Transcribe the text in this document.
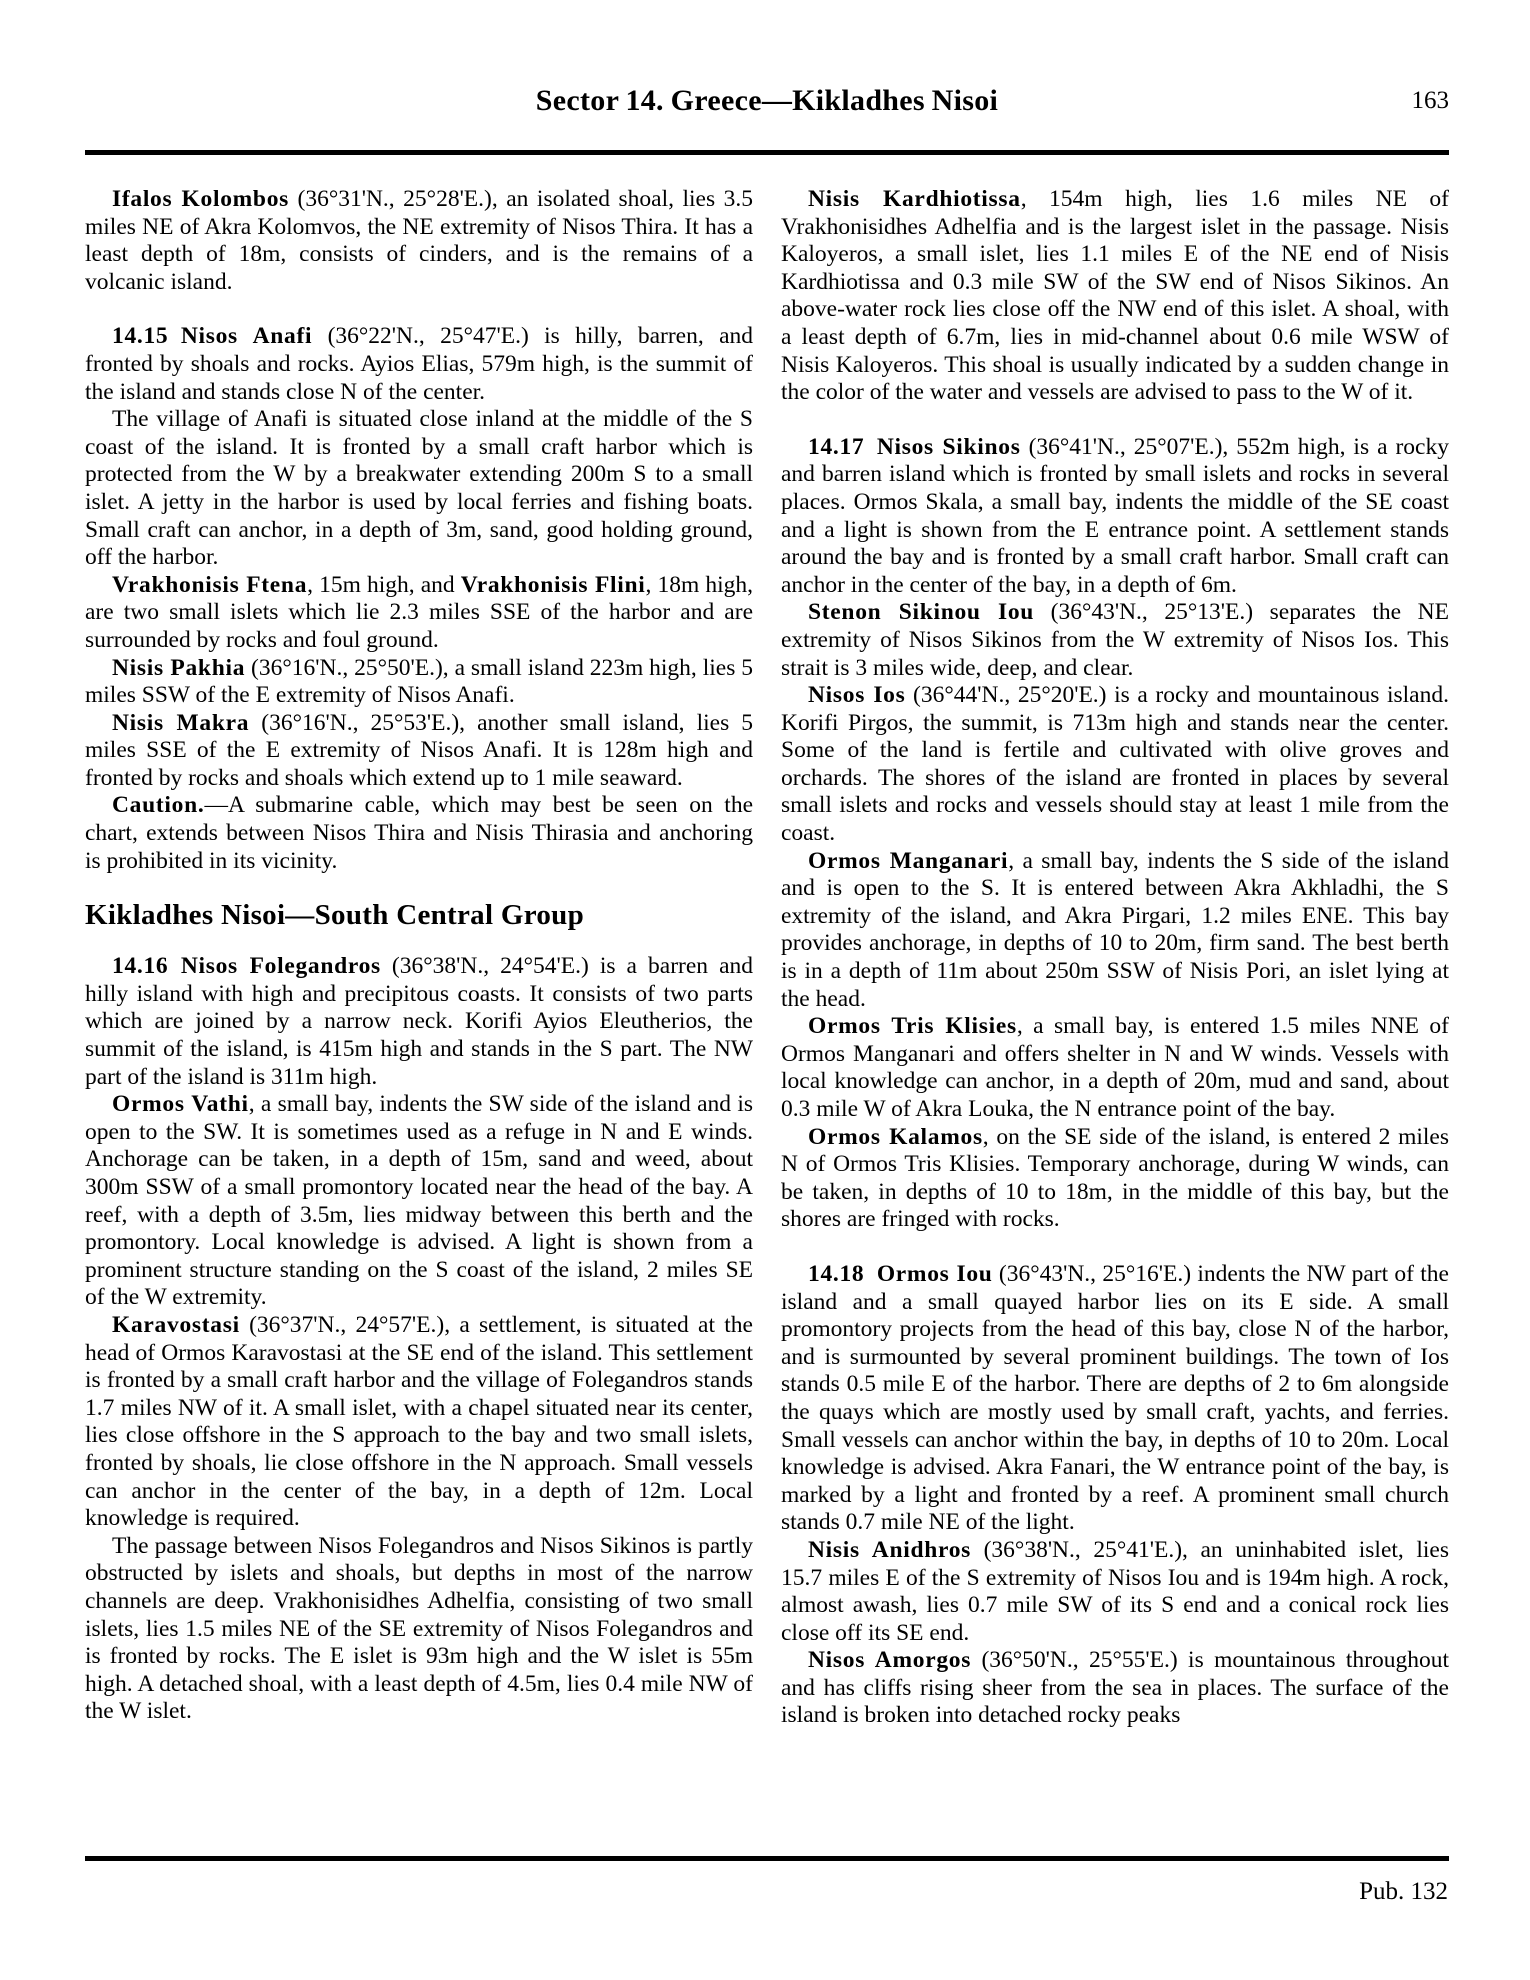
Sector 14. Greece—Kikladhes Nisoi	163

Ifalos Kolombos (36°31'N., 25°28'E.), an isolated shoal, lies 3.5 miles NE of Akra Kolomvos, the NE extremity of Nisos Thira. It has a least depth of 18m, consists of cinders, and is the remains of a volcanic island.

14.15 Nisos Anafi (36°22'N., 25°47'E.) is hilly, barren, and fronted by shoals and rocks. Ayios Elias, 579m high, is the summit of the island and stands close N of the center.

The village of Anafi is situated close inland at the middle of the S coast of the island. It is fronted by a small craft harbor which is protected from the W by a breakwater extending 200m S to a small islet. A jetty in the harbor is used by local ferries and fishing boats. Small craft can anchor, in a depth of 3m, sand, good holding ground, off the harbor.

Vrakhonisis Ftena, 15m high, and Vrakhonisis Flini, 18m high, are two small islets which lie 2.3 miles SSE of the harbor and are surrounded by rocks and foul ground.

Nisis Pakhia (36°16'N., 25°50'E.), a small island 223m high, lies 5 miles SSW of the E extremity of Nisos Anafi.

Nisis Makra (36°16'N., 25°53'E.), another small island, lies 5 miles SSE of the E extremity of Nisos Anafi. It is 128m high and fronted by rocks and shoals which extend up to 1 mile seaward.

Caution.—A submarine cable, which may best be seen on the chart, extends between Nisos Thira and Nisis Thirasia and anchoring is prohibited in its vicinity.

Kikladhes Nisoi—South Central Group

14.16 Nisos Folegandros (36°38'N., 24°54'E.) is a barren and hilly island with high and precipitous coasts. It consists of two parts which are joined by a narrow neck. Korifi Ayios Eleutherios, the summit of the island, is 415m high and stands in the S part. The NW part of the island is 311m high.

Ormos Vathi, a small bay, indents the SW side of the island and is open to the SW. It is sometimes used as a refuge in N and E winds. Anchorage can be taken, in a depth of 15m, sand and weed, about 300m SSW of a small promontory located near the head of the bay. A reef, with a depth of 3.5m, lies midway between this berth and the promontory. Local knowledge is advised. A light is shown from a prominent structure standing on the S coast of the island, 2 miles SE of the W extremity.

Karavostasi (36°37'N., 24°57'E.), a settlement, is situated at the head of Ormos Karavostasi at the SE end of the island. This settlement is fronted by a small craft harbor and the village of Folegandros stands 1.7 miles NW of it. A small islet, with a chapel situated near its center, lies close offshore in the S approach to the bay and two small islets, fronted by shoals, lie close offshore in the N approach. Small vessels can anchor in the center of the bay, in a depth of 12m. Local knowledge is required.

The passage between Nisos Folegandros and Nisos Sikinos is partly obstructed by islets and shoals, but depths in most of the narrow channels are deep. Vrakhonisidhes Adhelfia, consisting of two small islets, lies 1.5 miles NE of the SE extremity of Nisos Folegandros and is fronted by rocks. The E islet is 93m high and the W islet is 55m high. A detached shoal, with a least depth of 4.5m, lies 0.4 mile NW of the W islet.

Nisis Kardhiotissa, 154m high, lies 1.6 miles NE of Vrakhonisidhes Adhelfia and is the largest islet in the passage. Nisis Kaloyeros, a small islet, lies 1.1 miles E of the NE end of Nisis Kardhiotissa and 0.3 mile SW of the SW end of Nisos Sikinos. An above-water rock lies close off the NW end of this islet. A shoal, with a least depth of 6.7m, lies in mid-channel about 0.6 mile WSW of Nisis Kaloyeros. This shoal is usually indicated by a sudden change in the color of the water and vessels are advised to pass to the W of it.

14.17 Nisos Sikinos (36°41'N., 25°07'E.), 552m high, is a rocky and barren island which is fronted by small islets and rocks in several places. Ormos Skala, a small bay, indents the middle of the SE coast and a light is shown from the E entrance point. A settlement stands around the bay and is fronted by a small craft harbor. Small craft can anchor in the center of the bay, in a depth of 6m.

Stenon Sikinou Iou (36°43'N., 25°13'E.) separates the NE extremity of Nisos Sikinos from the W extremity of Nisos Ios. This strait is 3 miles wide, deep, and clear.

Nisos Ios (36°44'N., 25°20'E.) is a rocky and mountainous island. Korifi Pirgos, the summit, is 713m high and stands near the center. Some of the land is fertile and cultivated with olive groves and orchards. The shores of the island are fronted in places by several small islets and rocks and vessels should stay at least 1 mile from the coast.

Ormos Manganari, a small bay, indents the S side of the island and is open to the S. It is entered between Akra Akhladhi, the S extremity of the island, and Akra Pirgari, 1.2 miles ENE. This bay provides anchorage, in depths of 10 to 20m, firm sand. The best berth is in a depth of 11m about 250m SSW of Nisis Pori, an islet lying at the head.

Ormos Tris Klisies, a small bay, is entered 1.5 miles NNE of Ormos Manganari and offers shelter in N and W winds. Vessels with local knowledge can anchor, in a depth of 20m, mud and sand, about 0.3 mile W of Akra Louka, the N entrance point of the bay.

Ormos Kalamos, on the SE side of the island, is entered 2 miles N of Ormos Tris Klisies. Temporary anchorage, during W winds, can be taken, in depths of 10 to 18m, in the middle of this bay, but the shores are fringed with rocks.

14.18 Ormos Iou (36°43'N., 25°16'E.) indents the NW part of the island and a small quayed harbor lies on its E side. A small promontory projects from the head of this bay, close N of the harbor, and is surmounted by several prominent buildings. The town of Ios stands 0.5 mile E of the harbor. There are depths of 2 to 6m alongside the quays which are mostly used by small craft, yachts, and ferries. Small vessels can anchor within the bay, in depths of 10 to 20m. Local knowledge is advised. Akra Fanari, the W entrance point of the bay, is marked by a light and fronted by a reef. A prominent small church stands 0.7 mile NE of the light.

Nisis Anidhros (36°38'N., 25°41'E.), an uninhabited islet, lies 15.7 miles E of the S extremity of Nisos Iou and is 194m high. A rock, almost awash, lies 0.7 mile SW of its S end and a conical rock lies close off its SE end.

Nisos Amorgos (36°50'N., 25°55'E.) is mountainous throughout and has cliffs rising sheer from the sea in places. The surface of the island is broken into detached rocky peaks

Pub. 132
